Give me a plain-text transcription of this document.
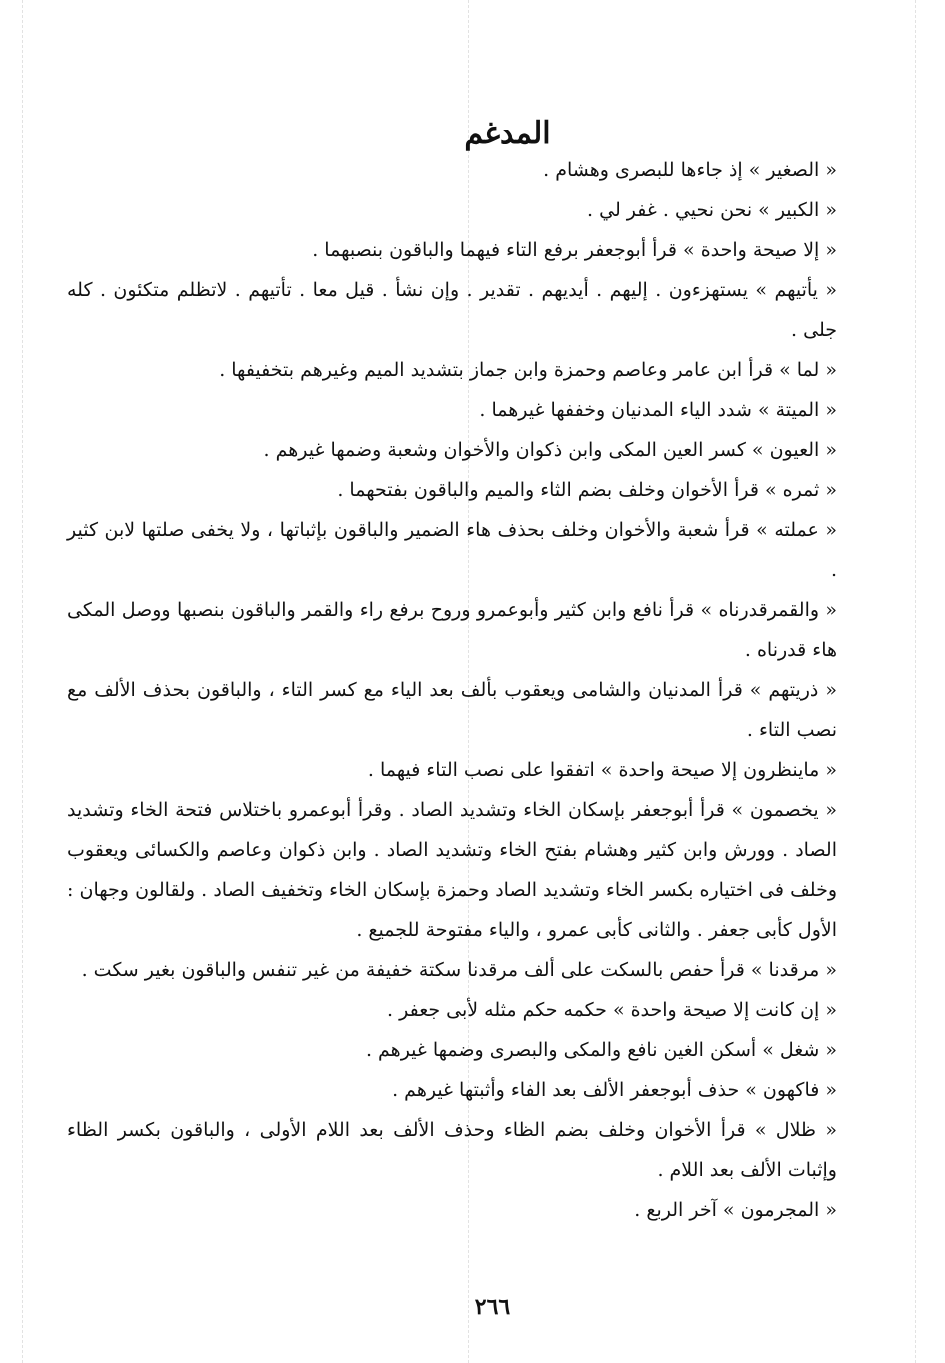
المدغم

« الصغير » إذ جاءها للبصرى وهشام .

« الكبير » نحن نحيي . غفر لي .

« إلا صيحة واحدة » قرأ أبوجعفر برفع التاء فيهما والباقون بنصبهما .

« يأتيهم » يستهزءون . إليهم . أيديهم . تقدير . وإن نشأ . قيل معا . تأتيهم . لاتظلم متكئون . كله جلى .

« لما » قرأ ابن عامر وعاصم وحمزة وابن جماز بتشديد الميم وغيرهم بتخفيفها .

« الميتة » شدد الياء المدنيان وخففها غيرهما .

« العيون » كسر العين المكى وابن ذكوان والأخوان وشعبة وضمها غيرهم .

« ثمره » قرأ الأخوان وخلف بضم الثاء والميم والباقون بفتحهما .

« عملته » قرأ شعبة والأخوان وخلف بحذف هاء الضمير والباقون بإثباتها ، ولا يخفى صلتها لابن كثير .

« والقمرقدرناه » قرأ نافع وابن كثير وأبوعمرو وروح برفع راء والقمر والباقون بنصبها ووصل المكى هاء قدرناه .

« ذريتهم » قرأ المدنيان والشامى ويعقوب بألف بعد الياء مع كسر التاء ، والباقون بحذف الألف مع نصب التاء .

« ماينظرون إلا صيحة واحدة » اتفقوا على نصب التاء فيهما .

« يخصمون » قرأ أبوجعفر بإسكان الخاء وتشديد الصاد . وقرأ أبوعمرو باختلاس فتحة الخاء وتشديد الصاد . وورش وابن كثير وهشام بفتح الخاء وتشديد الصاد . وابن ذكوان وعاصم والكسائى ويعقوب وخلف فى اختياره بكسر الخاء وتشديد الصاد وحمزة بإسكان الخاء وتخفيف الصاد . ولقالون وجهان : الأول كأبى جعفر . والثانى كأبى عمرو ، والياء مفتوحة للجميع .

« مرقدنا » قرأ حفص بالسكت على ألف مرقدنا سكتة خفيفة من غير تنفس والباقون بغير سكت .

« إن كانت إلا صيحة واحدة » حكمه حكم مثله لأبى جعفر .

« شغل » أسكن الغين نافع والمكى والبصرى وضمها غيرهم .

« فاكهون » حذف أبوجعفر الألف بعد الفاء وأثبتها غيرهم .

« ظلال » قرأ الأخوان وخلف بضم الظاء وحذف الألف بعد اللام الأولى ، والباقون بكسر الظاء وإثبات الألف بعد اللام .

« المجرمون » آخر الربع .

٢٦٦
